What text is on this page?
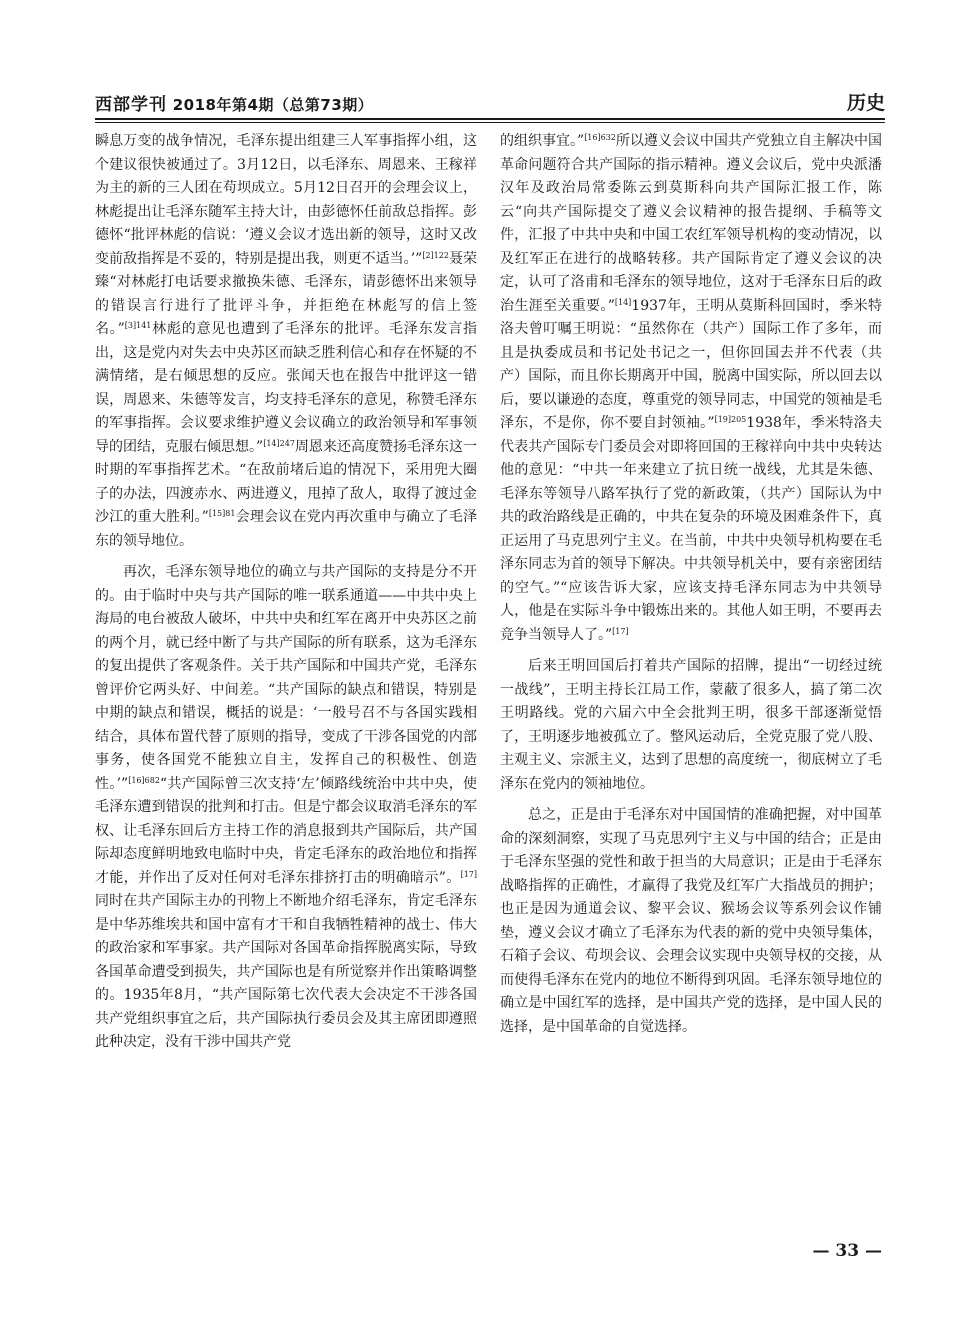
西部学刊 2018年第4期（总第73期）	历史

瞬息万变的战争情况，毛泽东提出组建三人军事指挥小组，这个建议很快被通过了。3月12日，以毛泽东、周恩来、王稼祥为主的新的三人团在苟坝成立。5月12日召开的会理会议上，林彪提出让毛泽东随军主持大计，由彭德怀任前敌总指挥。彭德怀“批评林彪的信说：‘遵义会议才选出新的领导，这时又改变前敌指挥是不妥的，特别是提出我，则更不适当。’”$^{[2]122}$聂荣臻“对林彪打电话要求撤换朱德、毛泽东，请彭德怀出来领导的错误言行进行了批评斗争，并拒绝在林彪写的信上签名。”$^{[3]141}$林彪的意见也遭到了毛泽东的批评。毛泽东发言指出，这是党内对失去中央苏区而缺乏胜利信心和存在怀疑的不满情绪，是右倾思想的反应。张闻天也在报告中批评这一错误，周恩来、朱德等发言，均支持毛泽东的意见，称赞毛泽东的军事指挥。会议要求维护遵义会议确立的政治领导和军事领导的团结，克服右倾思想。”$^{[14]247}$周恩来还高度赞扬毛泽东这一时期的军事指挥艺术。“在敌前堵后追的情况下，采用兜大圈子的办法，四渡赤水、两进遵义，甩掉了敌人，取得了渡过金沙江的重大胜利。”$^{[15]81}$会理会议在党内再次重申与确立了毛泽东的领导地位。

再次，毛泽东领导地位的确立与共产国际的支持是分不开的。由于临时中央与共产国际的唯一联系通道——中共中央上海局的电台被敌人破坏，中共中央和红军在离开中央苏区之前的两个月，就已经中断了与共产国际的所有联系，这为毛泽东的复出提供了客观条件。关于共产国际和中国共产党，毛泽东曾评价它两头好、中间差。“共产国际的缺点和错误，特别是中期的缺点和错误，概括的说是：‘一般号召不与各国实践相结合，具体布置代替了原则的指导，变成了干涉各国党的内部事务，使各国党不能独立自主，发挥自己的积极性、创造性。’”$^{[16]682}$“共产国际曾三次支持‘左’倾路线统治中共中央，使毛泽东遭到错误的批判和打击。但是宁都会议取消毛泽东的军权、让毛泽东回后方主持工作的消息报到共产国际后，共产国际却态度鲜明地致电临时中央，肯定毛泽东的政治地位和指挥才能，并作出了反对任何对毛泽东排挤打击的明确暗示”。[17]同时在共产国际主办的刊物上不断地介绍毛泽东，肯定毛泽东是中华苏维埃共和国中富有才干和自我牺牲精神的战士、伟大的政治家和军事家。共产国际对各国革命指挥脱离实际，导致各国革命遭受到损失，共产国际也是有所觉察并作出策略调整的。1935年8月，“共产国际第七次代表大会决定不干涉各国共产党组织事宜之后，共产国际执行委员会及其主席团即遵照此种决定，没有干涉中国共产党

的组织事宜。”$^{[16]632}$所以遵义会议中国共产党独立自主解决中国革命问题符合共产国际的指示精神。遵义会议后，党中央派潘汉年及政治局常委陈云到莫斯科向共产国际汇报工作，陈云“向共产国际提交了遵义会议精神的报告提纲、手稿等文件，汇报了中共中央和中国工农红军领导机构的变动情况，以及红军正在进行的战略转移。共产国际肯定了遵义会议的决定，认可了洛甫和毛泽东的领导地位，这对于毛泽东日后的政治生涯至关重要。”[14]1937年，王明从莫斯科回国时，季米特洛夫曾叮嘱王明说：“虽然你在（共产）国际工作了多年，而且是执委成员和书记处书记之一，但你回国去并不代表（共产）国际，而且你长期离开中国，脱离中国实际，所以回去以后，要以谦逊的态度，尊重党的领导同志，中国党的领袖是毛泽东，不是你，你不要自封领袖。”$^{[19]205}$1938年，季米特洛夫代表共产国际专门委员会对即将回国的王稼祥向中共中央转达他的意见：“中共一年来建立了抗日统一战线，尤其是朱德、毛泽东等领导八路军执行了党的新政策，（共产）国际认为中共的政治路线是正确的，中共在复杂的环境及困难条件下，真正运用了马克思列宁主义。在当前，中共中央领导机构要在毛泽东同志为首的领导下解决。中共领导机关中，要有亲密团结的空气。”“应该告诉大家，应该支持毛泽东同志为中共领导人，他是在实际斗争中锻炼出来的。其他人如王明，不要再去竞争当领导人了。”[17]

后来王明回国后打着共产国际的招牌，提出“一切经过统一战线”，王明主持长江局工作，蒙蔽了很多人，搞了第二次王明路线。党的六届六中全会批判王明，很多干部逐渐觉悟了，王明逐步地被孤立了。整风运动后，全党克服了党八股、主观主义、宗派主义，达到了思想的高度统一，彻底树立了毛泽东在党内的领袖地位。

总之，正是由于毛泽东对中国国情的准确把握，对中国革命的深刻洞察，实现了马克思列宁主义与中国的结合；正是由于毛泽东坚强的党性和敢于担当的大局意识；正是由于毛泽东战略指挥的正确性，才赢得了我党及红军广大指战员的拥护；也正是因为通道会议、黎平会议、猴场会议等系列会议作铺垫，遵义会议才确立了毛泽东为代表的新的党中央领导集体，石箱子会议、苟坝会议、会理会议实现中央领导权的交接，从而使得毛泽东在党内的地位不断得到巩固。毛泽东领导地位的确立是中国红军的选择，是中国共产党的选择，是中国人民的选择，是中国革命的自觉选择。

— 33 —
